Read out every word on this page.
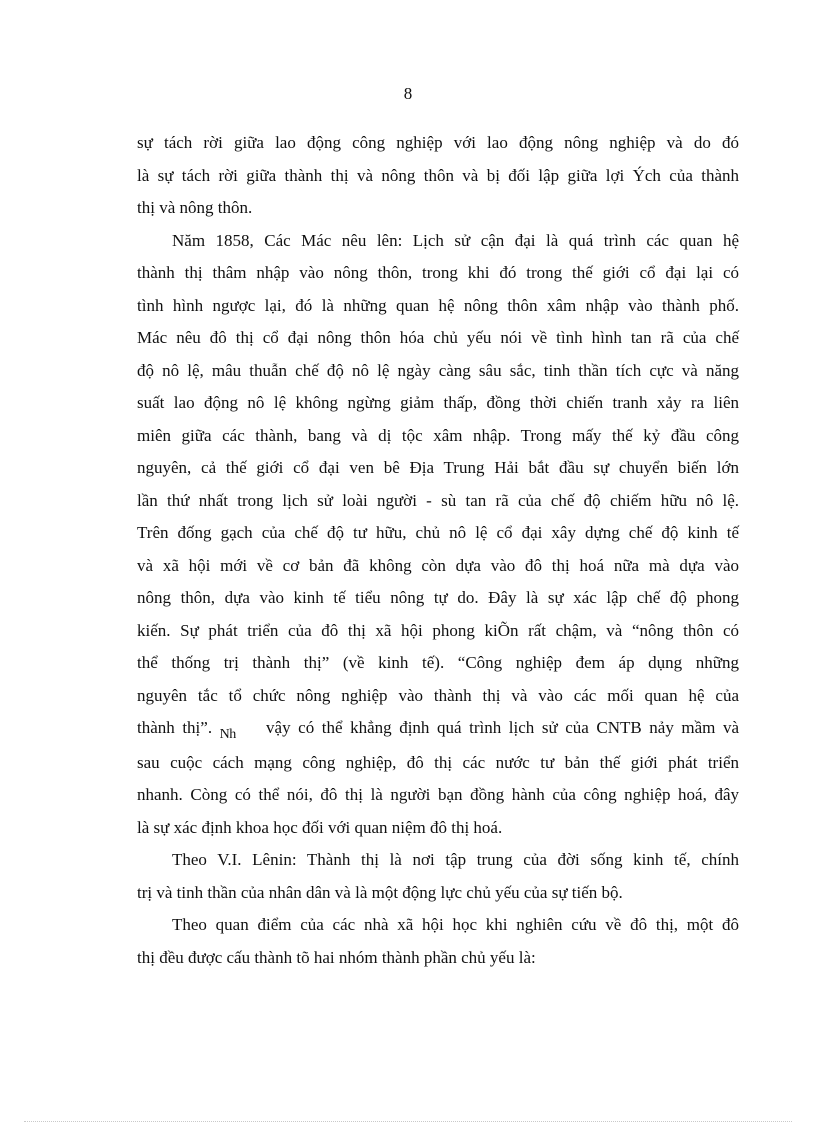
8
sự tách rời giữa lao động công nghiệp với lao động nông nghiệp và do đó
là sự tách rời giữa thành thị và nông thôn và bị đối lập giữa lợi Ých của thành
thị và nông thôn.
Năm 1858, Các Mác nêu lên: Lịch sử cận đại là quá trình các quan hệ
thành thị thâm nhập vào nông thôn, trong khi đó trong thế giới cổ đại lại có
tình hình ngược lại, đó là những quan hệ nông thôn xâm nhập vào thành phố.
Mác nêu đô thị cổ đại nông thôn hóa chủ yếu nói về tình hình tan rã của chế
độ nô lệ, mâu thuẫn chế độ nô lệ ngày càng sâu sắc, tinh thần tích cực và năng
suất lao động nô lệ không ngừng giảm thấp, đồng thời chiến tranh xảy ra liên
miên giữa các thành, bang và dị tộc xâm nhập. Trong mấy thế kỷ đầu công
nguyên, cả thế giới cổ đại ven bê Địa Trung Hải bắt đầu sự chuyển biến lớn
lần thứ nhất trong lịch sử loài người - sù tan rã của chế độ chiếm hữu nô lệ.
Trên đống gạch của chế độ tư hữu, chủ nô lệ cổ đại xây dựng chế độ kinh tế
và xã hội mới về cơ bản đã không còn dựa vào đô thị hoá nữa mà dựa vào
nông thôn, dựa vào kinh tế tiểu nông tự do. Đây là sự xác lập chế độ phong
kiến. Sự phát triển của đô thị xã hội phong kiÕn rất chậm, và “nông thôn có
thể thống trị thành thị” (về kinh tế). “Công nghiệp đem áp dụng những
nguyên tắc tổ chức nông nghiệp vào thành thị và vào các mối quan hệ của
thành thị”. $_{Nh}$ vậy có thể khẳng định quá trình lịch sử của CNTB nảy mầm và
sau cuộc cách mạng công nghiệp, đô thị các nước tư bản thế giới phát triển
nhanh. Còng có thể nói, đô thị là người bạn đồng hành của công nghiệp hoá, đây
là sự xác định khoa học đối với quan niệm đô thị hoá.
Theo V.I. Lênin: Thành thị là nơi tập trung của đời sống kinh tế, chính
trị và tinh thần của nhân dân và là một động lực chủ yếu của sự tiến bộ.
Theo quan điểm của các nhà xã hội học khi nghiên cứu về đô thị, một đô
thị đều được cấu thành tõ hai nhóm thành phần chủ yếu là:
